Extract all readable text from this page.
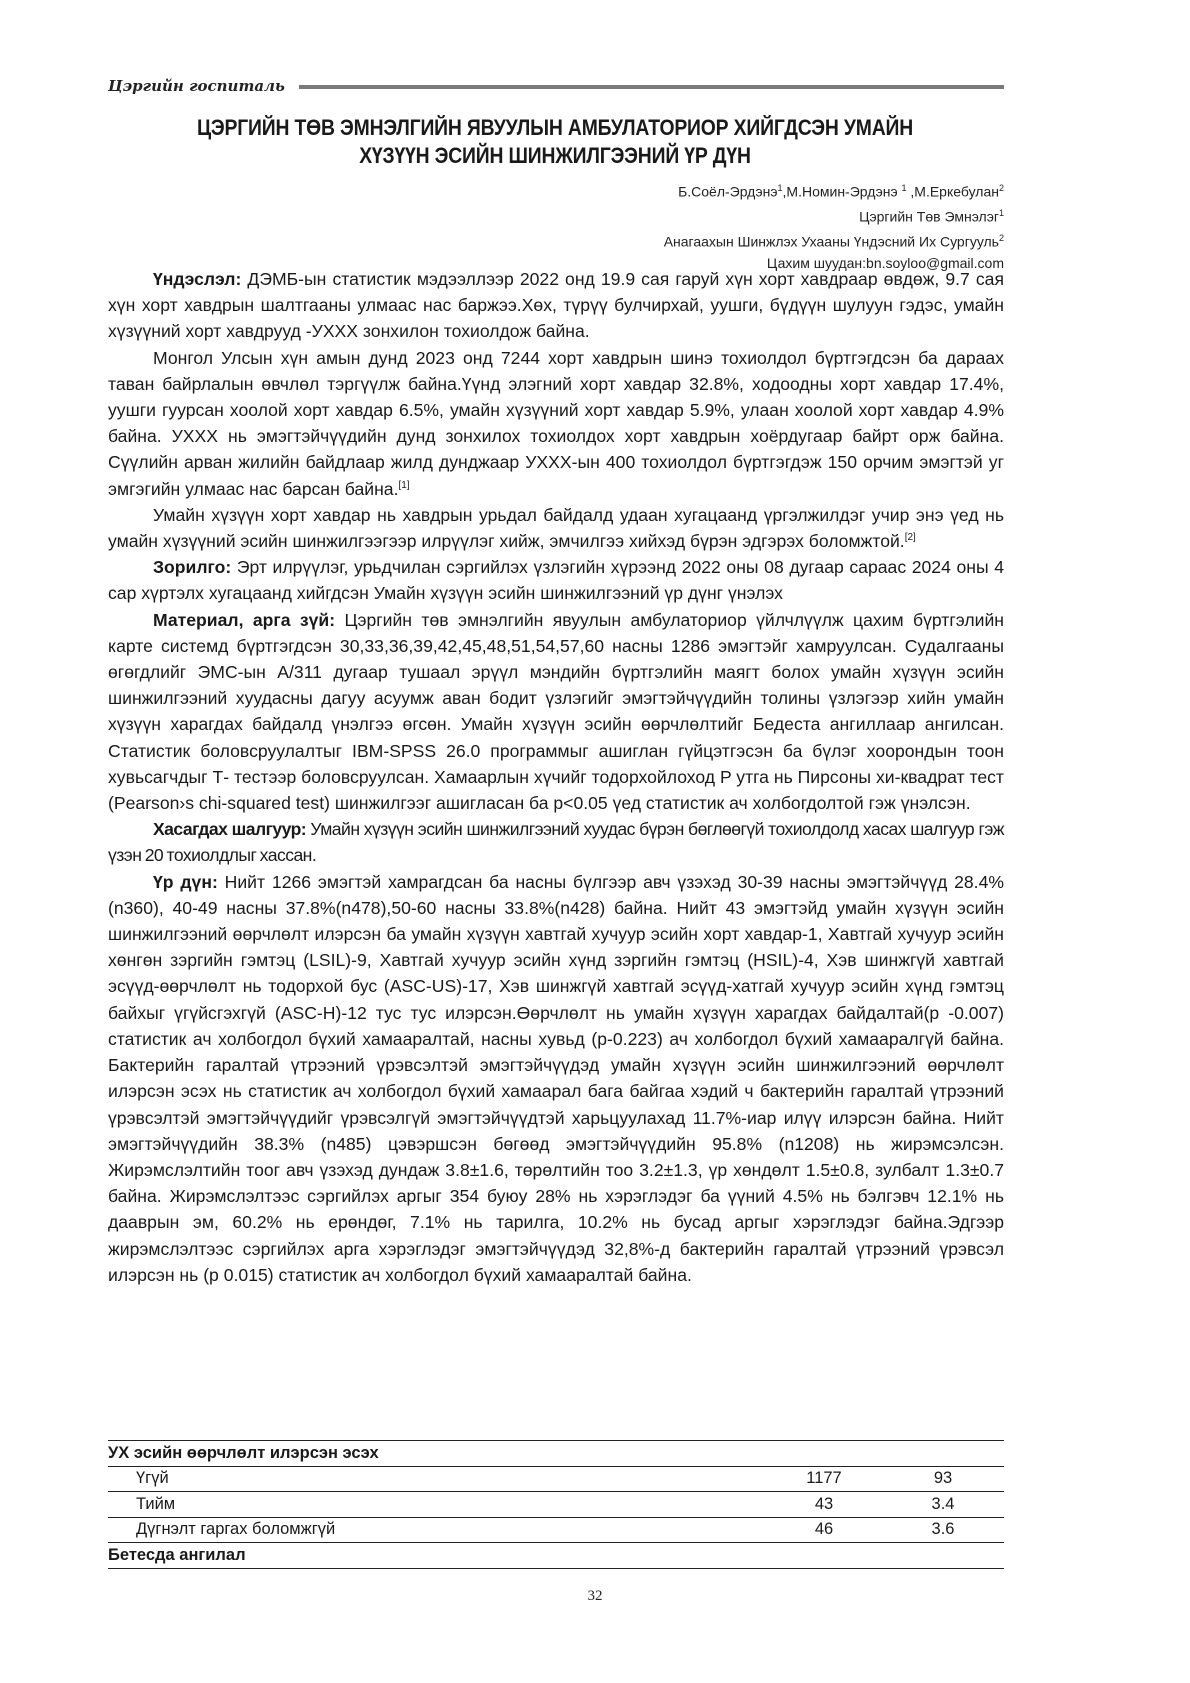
Цэргийн госпиталь
ЦЭРГИЙН ТӨВ ЭМНЭЛГИЙН ЯВУУЛЫН АМБУЛАТОРИОР ХИЙГДСЭН УМАЙН
ХҮЗҮҮН ЭСИЙН ШИНЖИЛГЭЭНИЙ ҮР ДҮН
Б.Соёл-Эрдэнэ$^1$,М.Номин-Эрдэнэ $^1$ ,М.Еркебулан$^2$
Цэргийн Төв Эмнэлэг$^1$
Анагаахын Шинжлэх Ухааны Үндэсний Их Сургууль$^2$
Цахим шуудан:bn.soyloo@gmail.com

Үндэслэл: ДЭМБ-ын статистик мэдээллээр 2022 онд 19.9 сая гаруй хүн хорт хавдраар өвдөж, 9.7 сая хүн хорт хавдрын шалтгааны улмаас нас баржээ.Хөх, түрүү булчирхай, уушги, бүдүүн шулуун гэдэс, умайн хүзүүний хорт хавдрууд -УХХХ зонхилон тохиолдож байна.

Монгол Улсын хүн амын дунд 2023 онд 7244 хорт хавдрын шинэ тохиолдол бүртгэгдсэн ба дараах таван байрлалын өвчлөл тэргүүлж байна.Үүнд элэгний хорт хавдар 32.8%, ходоодны хорт хавдар 17.4%, уушги гуурсан хоолой хорт хавдар 6.5%, умайн хүзүүний хорт хавдар 5.9%, улаан хоолой хорт хавдар 4.9% байна. УХХХ нь эмэгтэйчүүдийн дунд зонхилох тохиолдох хорт хавдрын хоёрдугаар байрт орж байна. Сүүлийн арван жилийн байдлаар жилд дунджаар УХХХ-ын 400 тохиолдол бүртгэгдэж 150 орчим эмэгтэй уг эмгэгийн улмаас нас барсан байна.[1]

Умайн хүзүүн хорт хавдар нь хавдрын урьдал байдалд удаан хугацаанд үргэлжилдэг учир энэ үед нь умайн хүзүүний эсийн шинжилгээгээр илрүүлэг хийж, эмчилгээ хийхэд бүрэн эдгэрэх боломжтой.[2]

Зорилго: Эрт илрүүлэг, урьдчилан сэргийлэх үзлэгийн хүрээнд 2022 оны 08 дугаар сараас 2024 оны 4 сар хүртэлх хугацаанд хийгдсэн Умайн хүзүүн эсийн шинжилгээний үр дүнг үнэлэх

Материал, арга зүй: Цэргийн төв эмнэлгийн явуулын амбулаториор үйлчлүүлж цахим бүртгэлийн карте системд бүртгэгдсэн 30,33,36,39,42,45,48,51,54,57,60 насны 1286 эмэгтэйг хамруулсан. Судалгааны өгөгдлийг ЭМС-ын А/311 дугаар тушаал эрүүл мэндийн бүртгэлийн маягт болох умайн хүзүүн эсийн шинжилгээний хуудасны дагуу асуумж аван бодит үзлэгийг эмэгтэйчүүдийн толины үзлэгээр хийн умайн хүзүүн харагдах байдалд үнэлгээ өгсөн. Умайн хүзүүн эсийн өөрчлөлтийг Бедеста ангиллаар ангилсан. Статистик боловсруулалтыг IBM-SPSS 26.0 программыг ашиглан гүйцэтгэсэн ба бүлэг хоорондын тоон хувьсагчдыг Т- тестээр боловсруулсан. Хамаарлын хүчийг тодорхойлоход P утга нь Пирсоны хи-квадрат тест (Pearson›s chi-squared test) шинжилгээг ашигласан ба p<0.05 үед статистик ач холбогдолтой гэж үнэлсэн.

Хасагдах шалгуур: Умайн хүзүүн эсийн шинжилгээний хуудас бүрэн бөглөөгүй тохиолдолд хасах шалгуур гэж үзэн 20 тохиолдлыг хассан.

Үр дүн: Нийт 1266 эмэгтэй хамрагдсан ба насны бүлгээр авч үзэхэд 30-39 насны эмэгтэйчүүд 28.4%(n360), 40-49 насны 37.8%(n478),50-60 насны 33.8%(n428) байна. Нийт 43 эмэгтэйд умайн хүзүүн эсийн шинжилгээний өөрчлөлт илэрсэн ба умайн хүзүүн хавтгай хучуур эсийн хорт хавдар-1, Хавтгай хучуур эсийн хөнгөн зэргийн гэмтэц (LSIL)-9, Хавтгай хучуур эсийн хүнд зэргийн гэмтэц (HSIL)-4, Хэв шинжгүй хавтгай эсүүд-өөрчлөлт нь тодорхой бус (ASC-US)-17, Хэв шинжгүй хавтгай эсүүд-хатгай хучуур эсийн хүнд гэмтэц байхыг үгүйсгэхгүй (ASC-H)-12 тус тус илэрсэн.Өөрчлөлт нь умайн хүзүүн харагдах байдалтай(p -0.007) статистик ач холбогдол бүхий хамааралтай, насны хувьд (p-0.223) ач холбогдол бүхий хамааралгүй байна. Бактерийн гаралтай үтрээний үрэвсэлтэй эмэгтэйчүүдэд умайн хүзүүн эсийн шинжилгээний өөрчлөлт илэрсэн эсэх нь статистик ач холбогдол бүхий хамаарал бага байгаа хэдий ч бактерийн гаралтай үтрээний үрэвсэлтэй эмэгтэйчүүдийг үрэвсэлгүй эмэгтэйчүүдтэй харьцуулахад 11.7%-иар илүү илэрсэн байна. Нийт эмэгтэйчүүдийн 38.3% (n485) цэвэршсэн бөгөөд эмэгтэйчүүдийн 95.8% (n1208) нь жирэмсэлсэн. Жирэмслэлтийн тоог авч үзэхэд дундаж 3.8±1.6, төрөлтийн тоо 3.2±1.3, үр хөндөлт 1.5±0.8, зулбалт 1.3±0.7 байна. Жирэмслэлтээс сэргийлэх аргыг 354 буюу 28% нь хэрэглэдэг ба үүний 4.5% нь бэлгэвч 12.1% нь дааврын эм, 60.2% нь ерөндөг, 7.1% нь тарилга, 10.2% нь бусад аргыг хэрэглэдэг байна.Эдгээр жирэмслэлтээс сэргийлэх арга хэрэглэдэг эмэгтэйчүүдэд 32,8%-д бактерийн гаралтай үтрээний үрэвсэл илэрсэн нь (p 0.015) статистик ач холбогдол бүхий хамааралтай байна.

УХ эсийн өөрчлөлт илэрсэн эсэх
Үгүй	1177	93
Тийм	43	3.4
Дүгнэлт гаргах боломжгүй	46	3.6
Бетесда ангилал
32
